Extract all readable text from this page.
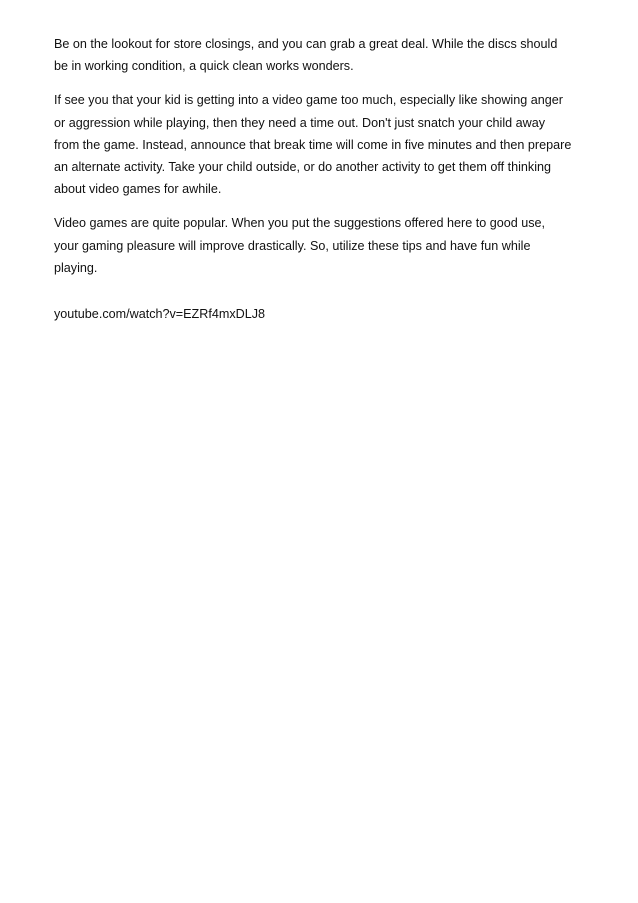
Be on the lookout for store closings, and you can grab a great deal. While the discs should
be in working condition, a quick clean works wonders.

If see you that your kid is getting into a video game too much, especially like showing anger
or aggression while playing, then they need a time out. Don't just snatch your child away
from the game. Instead, announce that break time will come in five minutes and then prepare
an alternate activity. Take your child outside, or do another activity to get them off thinking
about video games for awhile.

Video games are quite popular. When you put the suggestions offered here to good use,
your gaming pleasure will improve drastically. So, utilize these tips and have fun while
playing.

youtube.com/watch?v=EZRf4mxDLJ8
